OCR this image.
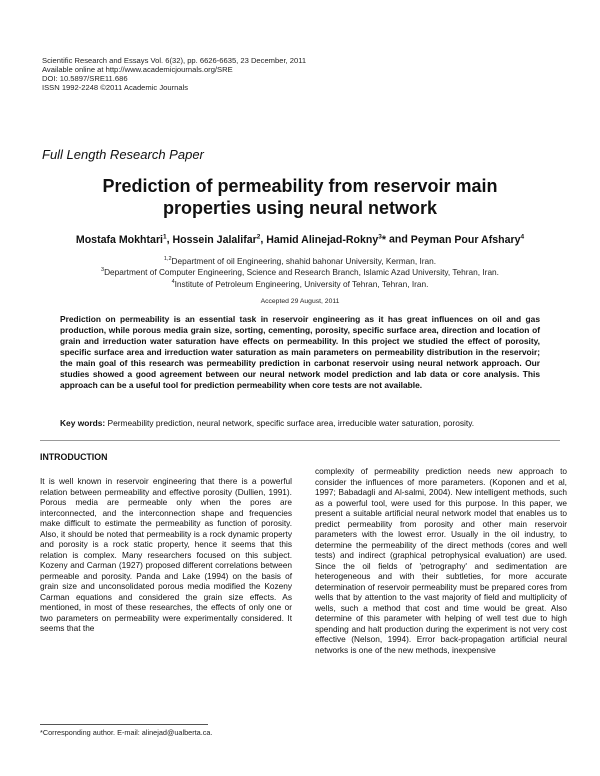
Scientific Research and Essays Vol. 6(32), pp. 6626-6635, 23 December, 2011
Available online at http://www.academicjournals.org/SRE
DOI: 10.5897/SRE11.686
ISSN 1992-2248 ©2011 Academic Journals
Full Length Research Paper
Prediction of permeability from reservoir main
properties using neural network
Mostafa Mokhtari$^1$, Hossein Jalalifar$^2$, Hamid Alinejad-Rokny$^3$* and Peyman Pour Afshary$^4$
$^{1,2}$Department of oil Engineering, shahid bahonar University, Kerman, Iran.
$^3$Department of Computer Engineering, Science and Research Branch, Islamic Azad University, Tehran, Iran.
$^4$Institute of Petroleum Engineering, University of Tehran, Tehran, Iran.
Accepted 29 August, 2011
Prediction on permeability is an essential task in reservoir engineering as it has great influences on oil and gas production, while porous media grain size, sorting, cementing, porosity, specific surface area, direction and location of grain and irreduction water saturation have effects on permeability. In this project we studied the effect of porosity, specific surface area and irreduction water saturation as main parameters on permeability distribution in the reservoir; the main goal of this research was permeability prediction in carbonat reservoir using neural network approach. Our studies showed a good agreement between our neural network model prediction and lab data or core analysis. This approach can be a useful tool for prediction permeability when core tests are not available.
Key words: Permeability prediction, neural network, specific surface area, irreducible water saturation, porosity.
INTRODUCTION
It is well known in reservoir engineering that there is a powerful relation between permeability and effective porosity (Dullien, 1991). Porous media are permeable only when the pores are interconnected, and the interconnection shape and frequencies make difficult to estimate the permeability as function of porosity. Also, it should be noted that permeability is a rock dynamic property and porosity is a rock static property, hence it seems that this relation is complex. Many researchers focused on this subject. Kozeny and Carman (1927) proposed different correlations between permeable and porosity. Panda and Lake (1994) on the basis of grain size and unconsolidated porous media modified the Kozeny Carman equations and considered the grain size effects. As mentioned, in most of these researches, the effects of only one or two parameters on permeability were experimentally considered. It seems that the
complexity of permeability prediction needs new approach to consider the influences of more parameters. (Koponen and et al, 1997; Babadagli and Al-salmi, 2004). New intelligent methods, such as a powerful tool, were used for this purpose. In this paper, we present a suitable artificial neural network model that enables us to predict permeability from porosity and other main reservoir parameters with the lowest error. Usually in the oil industry, to determine the permeability of the direct methods (cores and well tests) and indirect (graphical petrophysical evaluation) are used. Since the oil fields of 'petrography' and sedimentation are heterogeneous and with their subtleties, for more accurate determination of reservoir permeability must be prepared cores from wells that by attention to the vast majority of field and multiplicity of wells, such a method that cost and time would be great. Also determine of this parameter with helping of well test due to high spending and halt production during the experiment is not very cost effective (Nelson, 1994). Error back-propagation artificial neural networks is one of the new methods, inexpensive
*Corresponding author. E-mail: alinejad@ualberta.ca.
